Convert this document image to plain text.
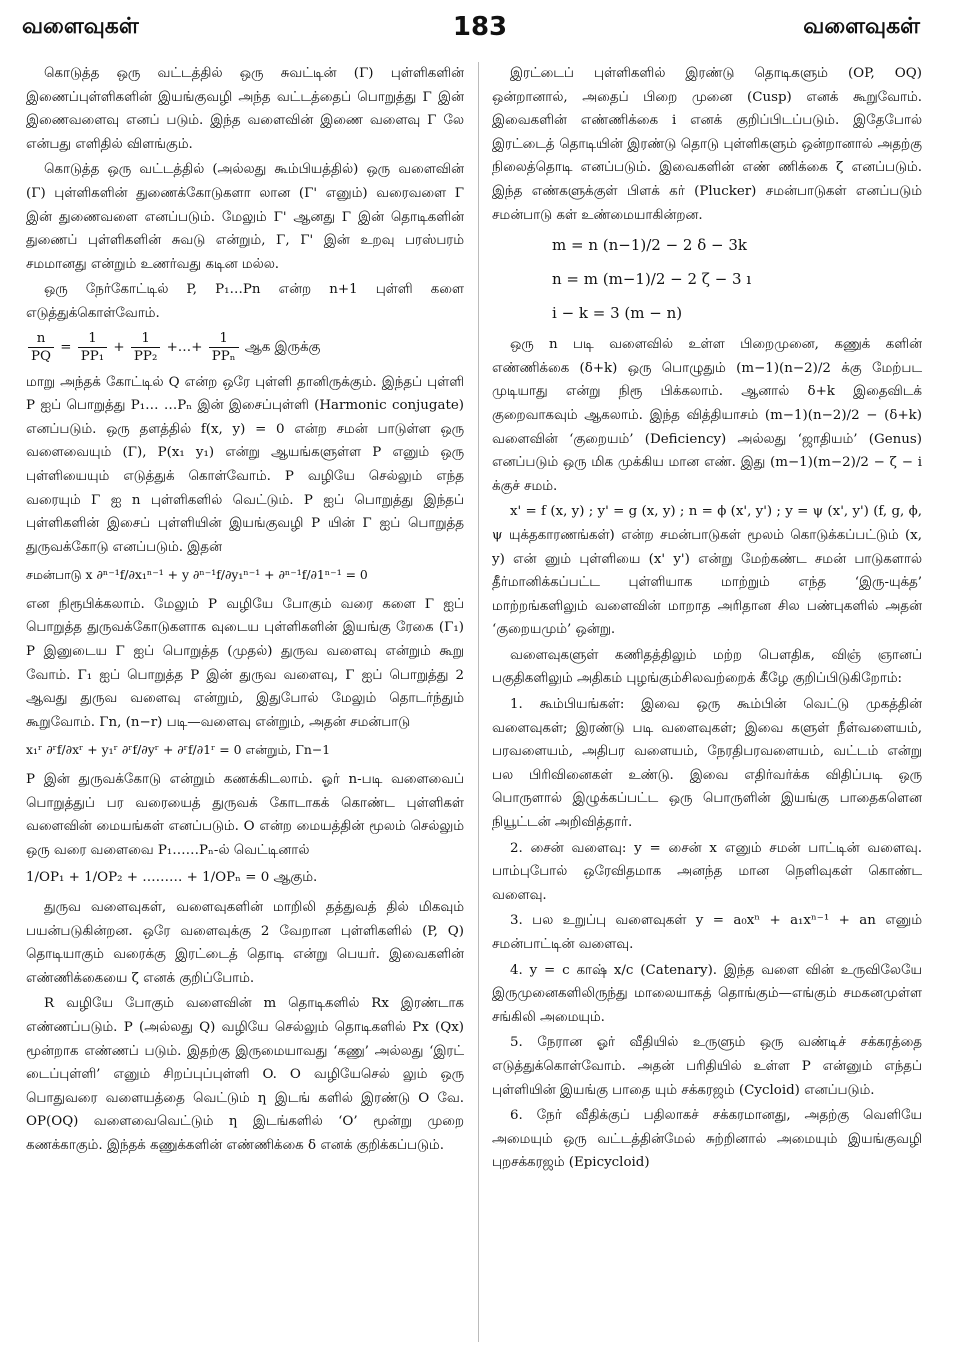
வளைவுகள்	183	வளைவுகள்

கொடுத்த ஒரு வட்டத்தில் ஒரு சுவட்டின் (Γ) புள்ளிகளின் இணைப்புள்ளிகளின் இயங்குவழி அந்த வட்டத்தைப் பொறுத்து Γ இன் இணைவளைவு எனப் படும். இந்த வளைவின் இணை வளைவு Γ லே என்பது எளிதில் விளங்கும்.

கொடுத்த ஒரு வட்டத்தில் (அல்லது கூம்பியத்தில்) ஒரு வளைவின் (Γ) புள்ளிகளின் துணைக்கோடுகளா லான (Γ' எனும்) வரைவளை Γ இன் துணைவளை எனப்படும். மேலும் Γ' ஆனது Γ இன் தொடிகளின் துணைப் புள்ளிகளின் சுவடு என்றும், Γ, Γ' இன் உறவு பரஸ்பரம் சமமானது என்றும் உணர்வது கடின மல்ல.

ஒரு நேர்கோட்டில் P, P₁…Pn என்ற n+1 புள்ளி களை எடுத்துக்கொள்வோம்.

$\frac{n}{PQ} = \frac{1}{\text{PP₁}} + \frac{1}{\text{PP₂}}$ +…+ $\frac{1}{\text{PPₙ}}$ ஆக இருக்கு

மாறு அந்தக் கோட்டில் Q என்ற ஒரே புள்ளி தானிருக்கும். இந்தப் புள்ளி P ஐப் பொறுத்து P₁… …Pₙ இன் இசைப்புள்ளி (Harmonic conjugate) எனப்படும். ஒரு தளத்தில் f(x, y) = 0 என்ற சமன் பாடுள்ள ஒரு வளைவையும் (Γ), P(x₁ y₁) என்று ஆயங்களுள்ள P எனும் ஒரு புள்ளியையும் எடுத்துக் கொள்வோம். P வழியே செல்லும் எந்த வரையும் Γ ஐ n புள்ளிகளில் வெட்டும். P ஐப் பொறுத்து இந்தப் புள்ளிகளின் இசைப் புள்ளியின் இயங்குவழி P யின் Γ ஐப் பொறுத்த துருவக்கோடு எனப்படும். இதன்

சமன்பாடு x ∂ⁿ⁻¹f/∂x₁ⁿ⁻¹ + y ∂ⁿ⁻¹f/∂y₁ⁿ⁻¹ + ∂ⁿ⁻¹f/∂1ⁿ⁻¹ = 0

என நிரூபிக்கலாம். மேலும் P வழியே போகும் வரை களை Γ ஐப் பொறுத்த துருவக்கோடுகளாக வுடைய புள்ளிகளின் இயங்கு ரேகை (Γ₁) P இனுடைய Γ ஐப் பொறுத்த (முதல்) துருவ வளைவு என்றும் கூறு வோம். Γ₁ ஐப் பொறுத்த P இன் துருவ வளைவு, Γ ஐப் பொறுத்து 2 ஆவது துருவ வளைவு என்றும், இதுபோல் மேலும் தொடர்ந்தும் கூறுவோம். Γn, (n−r) படி—வளைவு என்றும், அதன் சமன்பாடு

x₁ʳ ∂ʳf/∂xʳ + y₁ʳ ∂ʳf/∂yʳ + ∂ʳf/∂1ʳ = 0 என்றும், Γn−1

P இன் துருவக்கோடு என்றும் கணக்கிடலாம். ஓர் n-படி வளைவைப் பொறுத்துப் பர வரையைத் துருவக் கோடாகக் கொண்ட புள்ளிகள் வளைவின் மையங்கள் எனப்படும். O என்ற மையத்தின் மூலம் செல்லும் ஒரு வரை வளைவை P₁……Pₙ-ல் வெட்டினால்

1/OP₁ + 1/OP₂ + ……… + 1/OPₙ = 0 ஆகும்.

துருவ வளைவுகள், வளைவுகளின் மாறிலி தத்துவத் தில் மிகவும் பயன்படுகின்றன. ஒரே வளைவுக்கு 2 வேறான புள்ளிகளில் (P, Q) தொடியாகும் வரைக்கு இரட்டைத் தொடி என்று பெயர். இவைகளின் எண்ணிக்கையை ζ எனக் குறிப்போம்.

R வழியே போகும் வளைவின் m தொடிகளில் Rx இரண்டாக எண்ணப்படும். P (அல்லது Q) வழியே செல்லும் தொடிகளில் Px (Qx) மூன்றாக எண்ணப் படும். இதற்கு இருமையாவது ‘கணு’ அல்லது ‘இரட் டைப்புள்ளி’ எனும் சிறப்புப்புள்ளி O. O வழியேசெல் லும் ஒரு பொதுவரை வளையத்தை வெட்டும் ƞ இடங் களில் இரண்டு O வே. OP(OQ) வளைவைவெட்டும் ƞ இடங்களில் ‘O’ மூன்று முறை கணக்காகும். இந்தக் கணுக்களின் எண்ணிக்கை δ எனக் குறிக்கப்படும்.

இரட்டைப் புள்ளிகளில் இரண்டு தொடிகளும் (OP, OQ) ஒன்றானால், அதைப் பிறை முனை (Cusp) எனக் கூறுவோம். இவைகளின் எண்ணிக்கை i எனக் குறிப்பிடப்படும். இதேபோல் இரட்டைத் தொடியின் இரண்டு தொடு புள்ளிகளும் ஒன்றானால் அதற்கு நிலைத்தொடி எனப்படும். இவைகளின் எண் ணிக்கை ζ எனப்படும். இந்த எண்களுக்குள் பிளக் கர் (Plucker) சமன்பாடுகள் எனப்படும் சமன்பாடு கள் உண்மையாகின்றன.

m = n (n−1)/2 − 2 δ − 3k
n = m (m−1)/2 − 2 ζ − 3 ı
i − k = 3 (m − n)

ஒரு n படி வளைவில் உள்ள பிறைமுனை, கணுக் களின் எண்ணிக்கை (δ+k) ஒரு பொழுதும் (m−1)(n−2)/2 க்கு மேற்பட முடியாது என்று நிரூ பிக்கலாம். ஆனால் δ+k இதைவிடக் குறைவாகவும் ஆகலாம். இந்த வித்தியாசம் (m−1)(n−2)/2 − (δ+k) வளைவின் ‘குறையம்’ (Deficiency) அல்லது ‘ஜாதியம்’ (Genus) எனப்படும் ஒரு மிக முக்கிய மான எண். இது (m−1)(m−2)/2 − ζ − i க்குச் சமம்.

x' = f (x, y) ; y' = g (x, y) ; n = ϕ (x', y') ; y = ψ (x', y') (f, g, ϕ, ψ யுக்தகாரணங்கள்) என்ற சமன்பாடுகள் மூலம் கொடுக்கப்பட்டும் (x, y) என் னும் புள்ளியை (x' y') என்று மேற்கண்ட சமன் பாடுகளால் தீர்மானிக்கப்பட்ட புள்ளியாக மாற்றும் எந்த ‘இரு-யுக்த’ மாற்றங்களிலும் வளைவின் மாறாத அரிதான சில பண்புகளில் அதன் ‘குறையமும்’ ஒன்று.

வளைவுகளுள் கணிதத்திலும் மற்ற பௌதிக, விஞ் ஞானப் பகுதிகளிலும் அதிகம் புழங்கும்சிலவற்றைக் கீழே குறிப்பிடுகிறோம்:

1. கூம்பியங்கள்: இவை ஒரு கூம்பின் வெட்டு முகத்தின் வளைவுகள்; இரண்டு படி வளைவுகள்; இவை களுள் நீள்வளையம், பரவளையம், அதிபர வளையம், நேரதிபரவளையம், வட்டம் என்று பல பிரிவினைகள் உண்டு. இவை எதிர்வர்க்க விதிப்படி ஒரு பொருளால் இழுக்கப்பட்ட ஒரு பொருளின் இயங்கு பாதைகளென நியூட்டன் அறிவித்தார்.

2. சைன் வளைவு: y = சைன் x எனும் சமன் பாட்டின் வளைவு. பாம்புபோல் ஒரேவிதமாக அனந்த மான நெளிவுகள் கொண்ட வளைவு.

3. பல உறுப்பு வளைவுகள் y = a₀xⁿ + a₁xⁿ⁻¹ + an எனும் சமன்பாட்டின் வளைவு.

4. y = c காஷ் x/c (Catenary). இந்த வளை வின் உருவிலேயே இருமுனைகளிலிருந்து மாலையாகத் தொங்கும்—எங்கும் சமகனமுள்ள சங்கிலி அமையும்.

5. நேரான ஓர் வீதியில் உருளும் ஒரு வண்டிச் சக்கரத்தை எடுத்துக்கொள்வோம். அதன் பரிதியில் உள்ள P என்னும் எந்தப் புள்ளியின் இயங்கு பாதை யும் சக்கரஜம் (Cycloid) எனப்படும்.

6. நேர் வீதிக்குப் பதிலாகச் சக்கரமானது, அதற்கு வெளியே அமையும் ஒரு வட்டத்தின்மேல் சுற்றினால் அமையும் இயங்குவழி புறசக்கரஜம் (Epicycloid)
